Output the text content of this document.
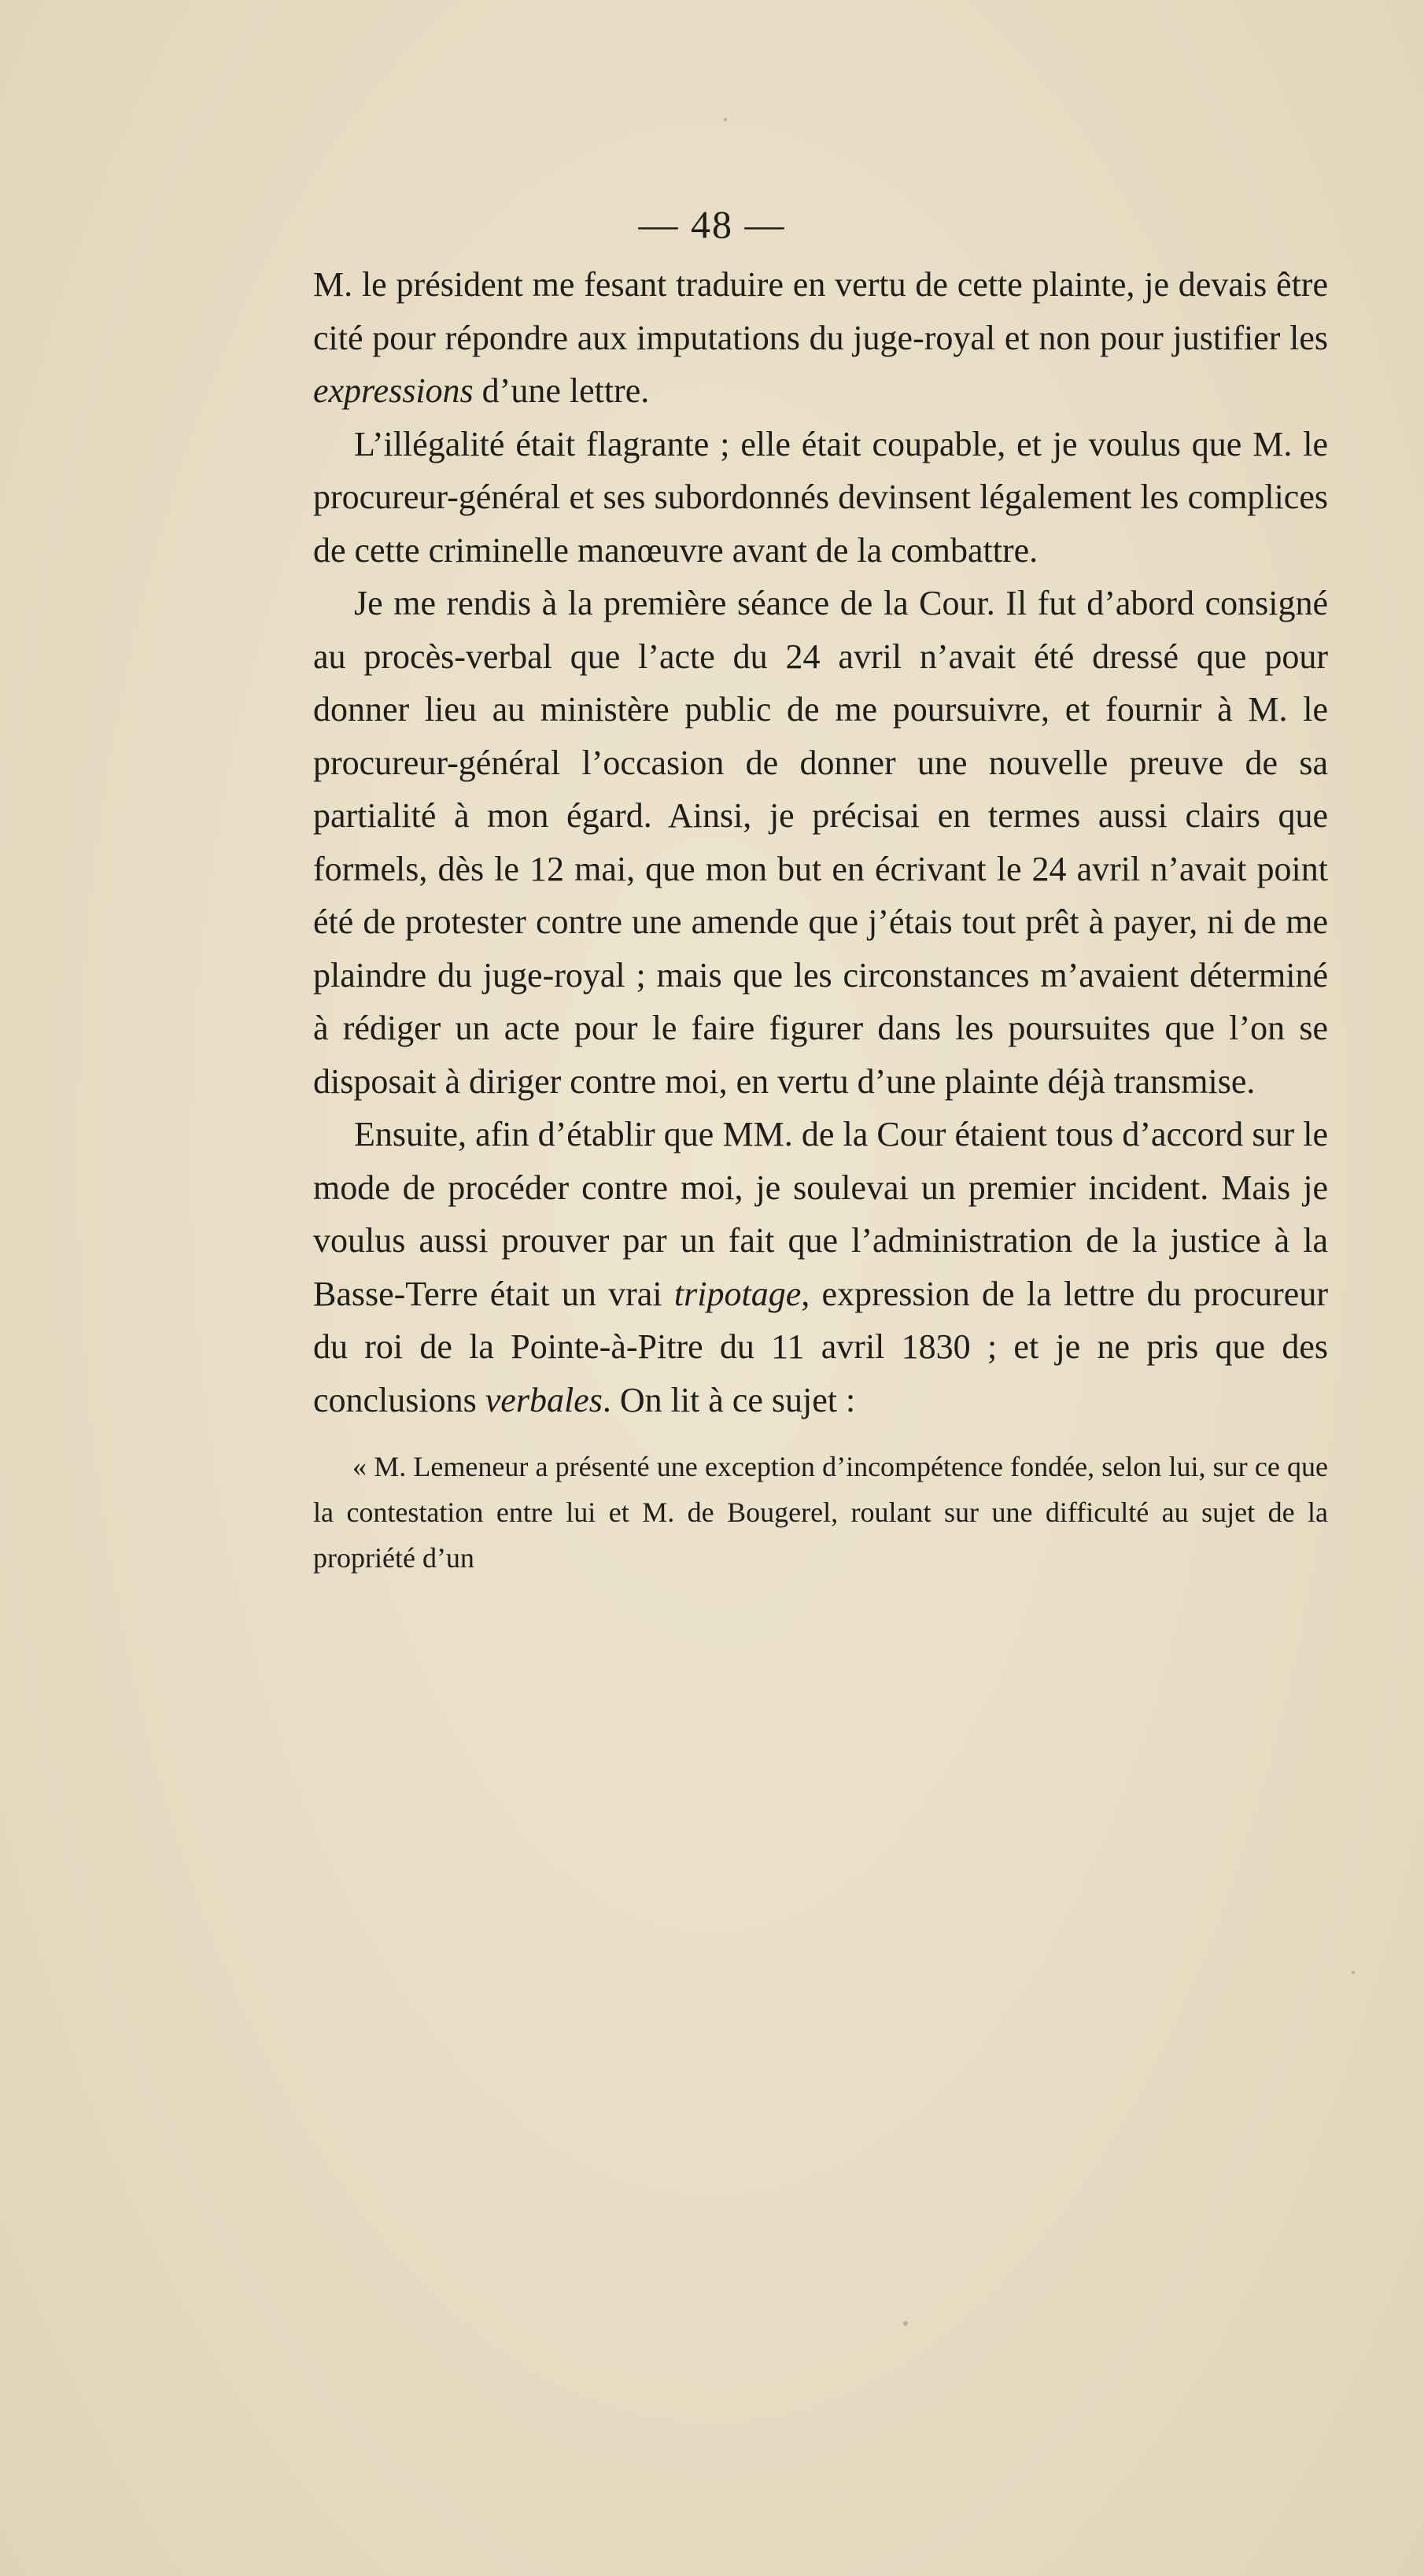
— 48 —

M. le président me fesant traduire en vertu de cette plainte, je devais être cité pour répondre aux imputations du juge-royal et non pour justifier les expressions d’une lettre.

L’illégalité était flagrante ; elle était coupable, et je voulus que M. le procureur-général et ses subordonnés devinsent légalement les complices de cette criminelle manœuvre avant de la combattre.

Je me rendis à la première séance de la Cour. Il fut d’abord consigné au procès-verbal que l’acte du 24 avril n’avait été dressé que pour donner lieu au ministère public de me poursuivre, et fournir à M. le procureur-général l’occasion de donner une nouvelle preuve de sa partialité à mon égard. Ainsi, je précisai en termes aussi clairs que formels, dès le 12 mai, que mon but en écrivant le 24 avril n’avait point été de protester contre une amende que j’étais tout prêt à payer, ni de me plaindre du juge-royal ; mais que les circonstances m’avaient déterminé à rédiger un acte pour le faire figurer dans les poursuites que l’on se disposait à diriger contre moi, en vertu d’une plainte déjà transmise.

Ensuite, afin d’établir que MM. de la Cour étaient tous d’accord sur le mode de procéder contre moi, je soulevai un premier incident. Mais je voulus aussi prouver par un fait que l’administration de la justice à la Basse-Terre était un vrai tripotage, expression de la lettre du procureur du roi de la Pointe-à-Pitre du 11 avril 1830 ; et je ne pris que des conclusions verbales. On lit à ce sujet :

« M. Lemeneur a présenté une exception d’incompétence fondée, selon lui, sur ce que la contestation entre lui et M. de Bougerel, roulant sur une difficulté au sujet de la propriété d’un
